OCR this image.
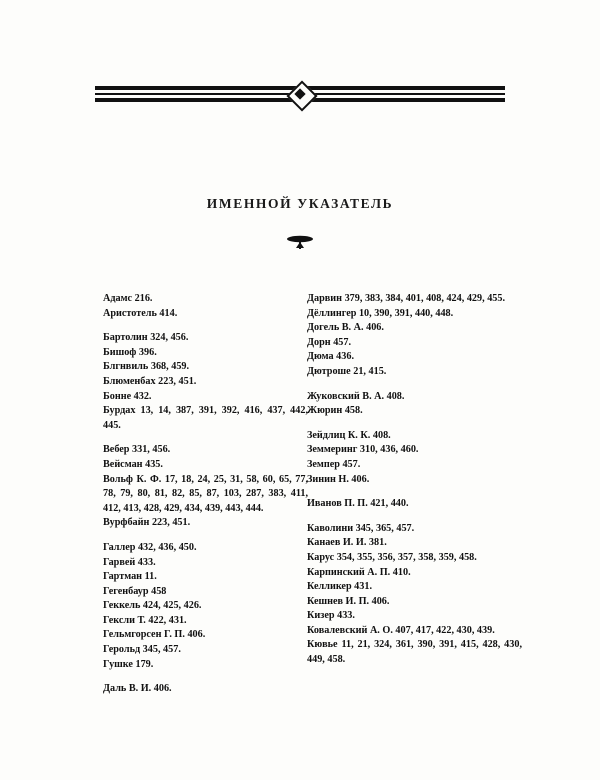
ИМЕННОЙ УКАЗАТЕЛЬ
Адамс 216.
Аристотель 414.
Бартолин 324, 456.
Бишоф 396.
Блгнвиль 368, 459.
Блюменбах 223, 451.
Бонне 432.
Бурдах 13, 14, 387, 391, 392, 416, 437, 442, 445.
Вебер 331, 456.
Вейсман 435.
Вольф К. Ф. 17, 18, 24, 25, 31, 58, 60, 65, 77, 78, 79, 80, 81, 82, 85, 87, 103, 287, 383, 411, 412, 413, 428, 429, 434, 439, 443, 444.
Вурфбайн 223, 451.
Галлер 432, 436, 450.
Гарвей 433.
Гартман 11.
Гегенбаур 458
Геккель 424, 425, 426.
Гексли Т. 422, 431.
Гельмгорсен Г. П. 406.
Герольд 345, 457.
Гушке 179.
Даль В. И. 406.
Дарвин 379, 383, 384, 401, 408, 424, 429, 455.
Дёллингер 10, 390, 391, 440, 448.
Догель В. А. 406.
Дорн 457.
Дюма 436.
Дютроше 21, 415.
Жуковский В. А. 408.
Жюрин 458.
Зейдлиц К. К. 408.
Земмеринг 310, 436, 460.
Земпер 457.
Зинин Н. 406.
Иванов П. П. 421, 440.
Каволини 345, 365, 457.
Канаев И. И. 381.
Карус 354, 355, 356, 357, 358, 359, 458.
Карпинский А. П. 410.
Келликер 431.
Кешнев И. П. 406.
Кизер 433.
Ковалевский А. О. 407, 417, 422, 430, 439.
Кювье 11, 21, 324, 361, 390, 391, 415, 428, 430, 449, 458.
